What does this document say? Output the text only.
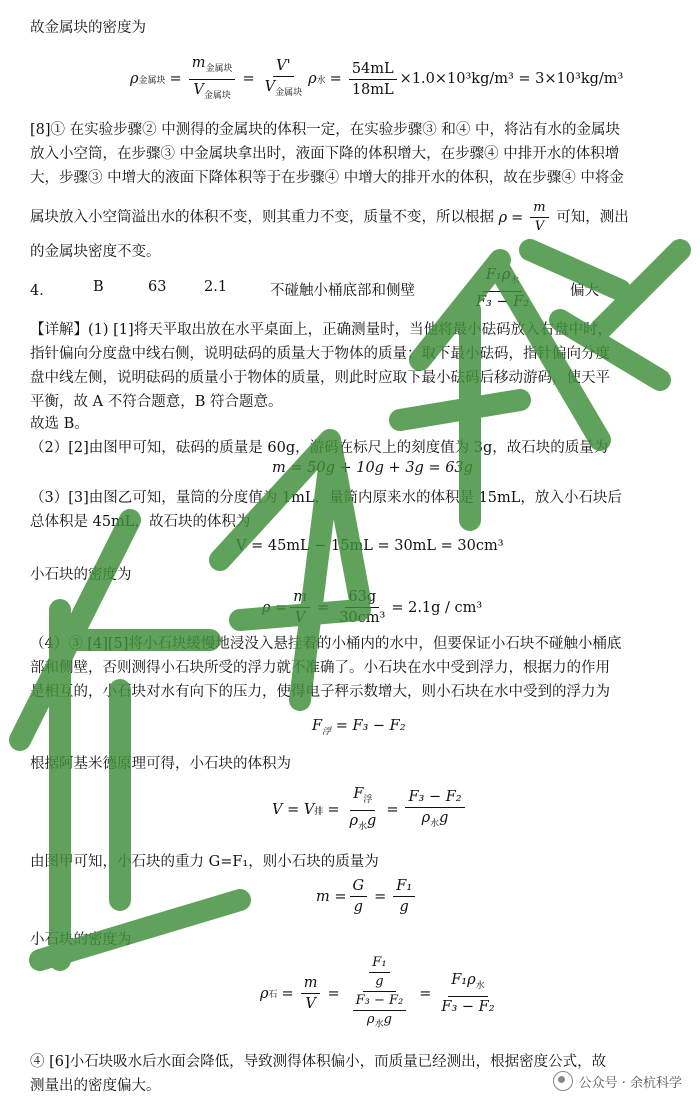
故金属块的密度为
ρ 金属块 = $\frac{m_{金属块}}{V_{金属块}} = \frac{V'}{V_{金属块}}$ ρ 水 = $\frac{54mL}{18mL} \times 1.0\times 10^3kg/m^3 = 3\times 10^3kg/m^3$
[8]① 在实验步骤② 中测得的金属块的体积一定，在实验步骤③ 和④ 中，将沾有水的金属块
放入小空筒，在步骤③ 中金属块拿出时，液面下降的体积增大，在步骤④ 中排开水的体积增
大，步骤③ 中增大的液面下降体积等于在步骤④ 中增大的排开水的体积，故在步骤④ 中将金
属块放入小空筒溢出水的体积不变，则其重力不变，质量不变，所以根据 $\rho = \frac{m}{V}$ 可知，测出
的金属块密度不变。
4．	B	63	2.1	不碰触小桶底部和侧壁	$\frac{F_1\rho_水}{\text{F₃ − F₂}}$	偏大
【详解】(1) [1]将天平取出放在水平桌面上，正确测量时，当他将最小砝码放入右盘中时，
指针偏向分度盘中线右侧，说明砝码的质量大于物体的质量；取下最小砝码，指针偏向分度
盘中线左侧，说明砝码的质量小于物体的质量，则此时应取下最小砝码后移动游码，使天平
平衡，故 A 不符合题意，B 符合题意。
故选 B。
（2）[2]由图甲可知，砝码的质量是 60g，游码在标尺上的刻度值为 3g，故石块的质量为
m = 50g + 10g + 3g = 63g
（3）[3]由图乙可知，量筒的分度值为 1mL，量筒内原来水的体积是 15mL，放入小石块后
总体积是 45mL，故石块的体积为
V = 45mL − 15mL = 30mL = 30cm³
小石块的密度为
$\rho = \frac{m}{V} = \frac{63g}{\text{30cm³}} = 2.1g / cm^3$
（4）③ [4][5]将小石块缓慢地浸没入悬挂着的小桶内的水中，但要保证小石块不碰触小桶底
部和侧壁，否则测得小石块所受的浮力就不准确了。小石块在水中受到浮力，根据力的作用
是相互的，小石块对水有向下的压力，使得电子秤示数增大，则小石块在水中受到的浮力为
$F_浮 = F_3 - F_2$
根据阿基米德原理可得，小石块的体积为
V = V 排 = $\frac{F_浮}{\rho_水g} = \frac{\text{F₃ − F₂}}{\rho_水g}$
由图甲可知，小石块的重力 G=F₁，则小石块的质量为
$m = \frac{G}{g} = \frac{\text{F₁}}{g}$
小石块的密度为
ρ 石 = $\frac{m}{V} = \frac{\frac{\text{F₁}}{g}}{\frac{\text{F₃ − F₂}}{\rho_水g}} = \frac{F_1\rho_水}{\text{F₃ − F₂}}$
④ [6]小石块吸水后水面会降低，导致测得体积偏小，而质量已经测出，根据密度公式，故
测量出的密度偏大。	公众号 · 余杭科学
